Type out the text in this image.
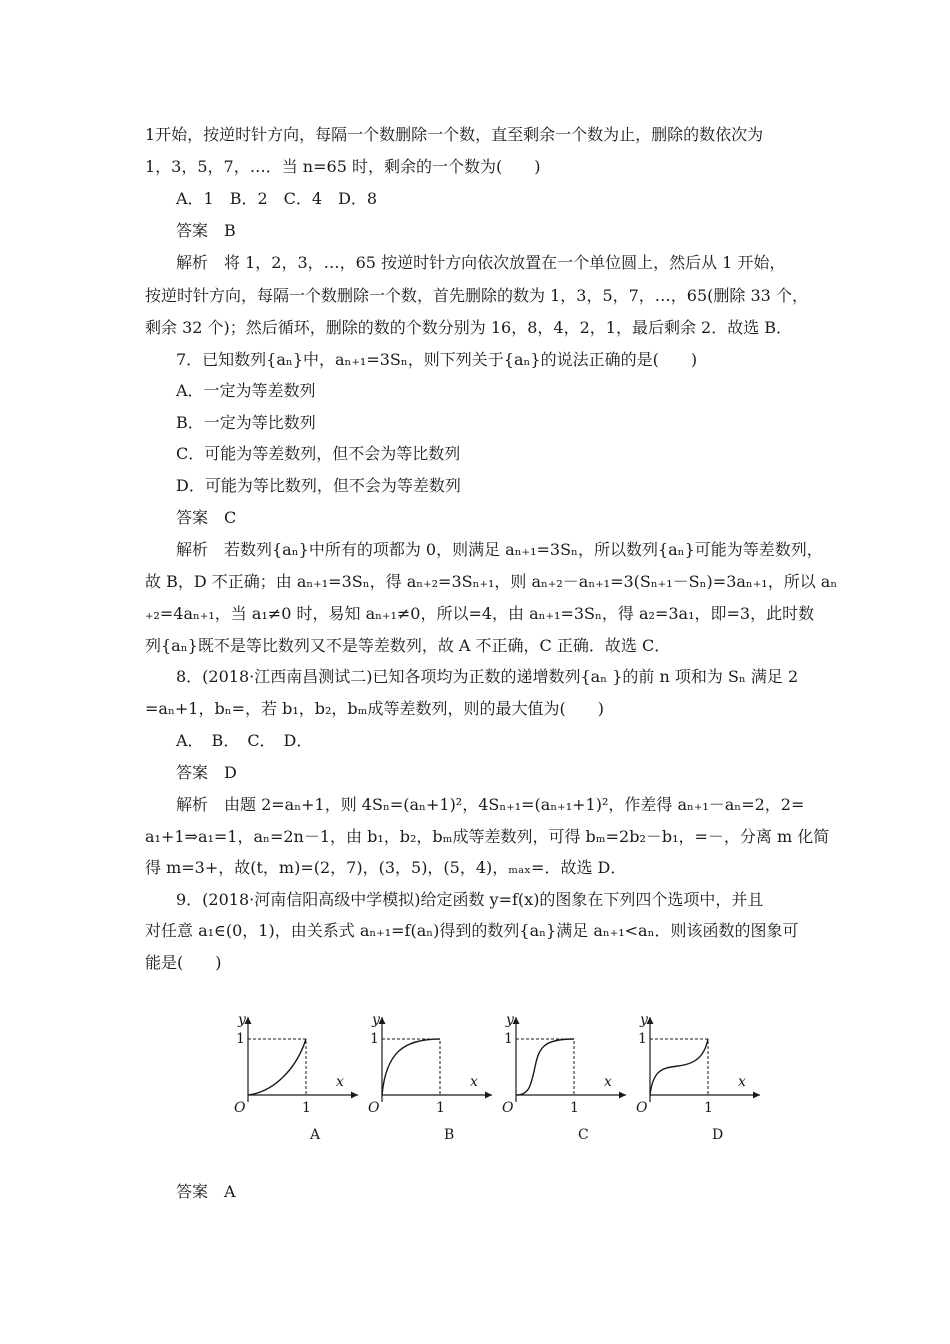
1开始，按逆时针方向，每隔一个数删除一个数，直至剩余一个数为止，删除的数依次为
1，3，5，7，…．当 n=65 时，剩余的一个数为(　　)
A．1　B．2　C．4　D．8
答案　B
解析　将 1，2，3，…，65 按逆时针方向依次放置在一个单位圆上，然后从 1 开始，
按逆时针方向，每隔一个数删除一个数，首先删除的数为 1，3，5，7，…，65(删除 33 个，
剩余 32 个)；然后循环，删除的数的个数分别为 16，8，4，2，1，最后剩余 2．故选 B．
7．已知数列{aₙ}中，aₙ₊₁=3Sₙ，则下列关于{aₙ}的说法正确的是(　　)
A．一定为等差数列
B．一定为等比数列
C．可能为等差数列，但不会为等比数列
D．可能为等比数列，但不会为等差数列
答案　C
解析　若数列{aₙ}中所有的项都为 0，则满足 aₙ₊₁=3Sₙ，所以数列{aₙ}可能为等差数列，
故 B，D 不正确；由 aₙ₊₁=3Sₙ，得 aₙ₊₂=3Sₙ₊₁，则 aₙ₊₂－aₙ₊₁=3(Sₙ₊₁－Sₙ)=3aₙ₊₁，所以 aₙ
₊₂=4aₙ₊₁，当 a₁≠0 时，易知 aₙ₊₁≠0，所以=4，由 aₙ₊₁=3Sₙ，得 a₂=3a₁，即=3，此时数
列{aₙ}既不是等比数列又不是等差数列，故 A 不正确，C 正确．故选 C．
8．(2018·江西南昌测试二)已知各项均为正数的递增数列{aₙ }的前 n 项和为 Sₙ 满足 2
=aₙ+1，bₙ=，若 b₁，b₂，bₘ成等差数列，则的最大值为(　　)
A．　B．　C．　D．
答案　D
解析　由题 2=aₙ+1，则 4Sₙ=(aₙ+1)²，4Sₙ₊₁=(aₙ₊₁+1)²，作差得 aₙ₊₁－aₙ=2，2=
a₁+1⇒a₁=1，aₙ=2n－1，由 b₁，b₂，bₘ成等差数列，可得 bₘ=2b₂－b₁，=－，分离 m 化简
得 m=3+，故(t，m)=(2，7)，(3，5)，(5，4)，ₘₐₓ=．故选 D．
9．(2018·河南信阳高级中学模拟)给定函数 y=f(x)的图象在下列四个选项中，并且
对任意 a₁∈(0，1)，由关系式 aₙ₊₁=f(aₙ)得到的数列{aₙ}满足 aₙ₊₁<aₙ．则该函数的图象可
能是(　　)
y
1
O	1
x
A
y
1
O	1
x
B
y
1
O	1
x
C
y
1
O	1
x
D
答案　A
